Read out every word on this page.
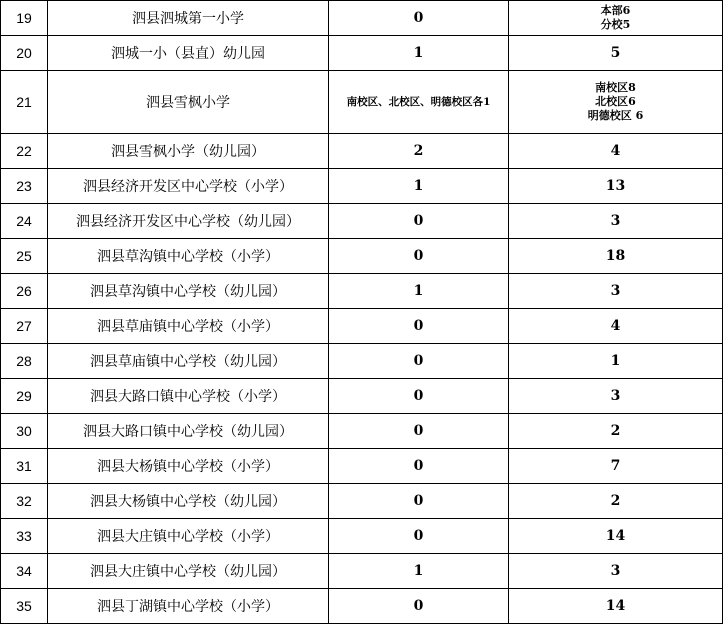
19	泗县泗城第一小学	0	本部6
分校5

20	泗城一小（县直）幼儿园	1	5
21	泗县雪枫小学	南校区、北校区、明德校区各1	南校区8
北校区6
明德校区 6

22	泗县雪枫小学（幼儿园）	2	4
23	泗县经济开发区中心学校（小学）	1	13
24	泗县经济开发区中心学校（幼儿园）	0	3
25	泗县草沟镇中心学校（小学）	0	18
26	泗县草沟镇中心学校（幼儿园）	1	3
27	泗县草庙镇中心学校（小学）	0	4
28	泗县草庙镇中心学校（幼儿园）	0	1
29	泗县大路口镇中心学校（小学）	0	3
30	泗县大路口镇中心学校（幼儿园）	0	2
31	泗县大杨镇中心学校（小学）	0	7
32	泗县大杨镇中心学校（幼儿园）	0	2
33	泗县大庄镇中心学校（小学）	0	14
34	泗县大庄镇中心学校（幼儿园）	1	3
35	泗县丁湖镇中心学校（小学）	0	14
